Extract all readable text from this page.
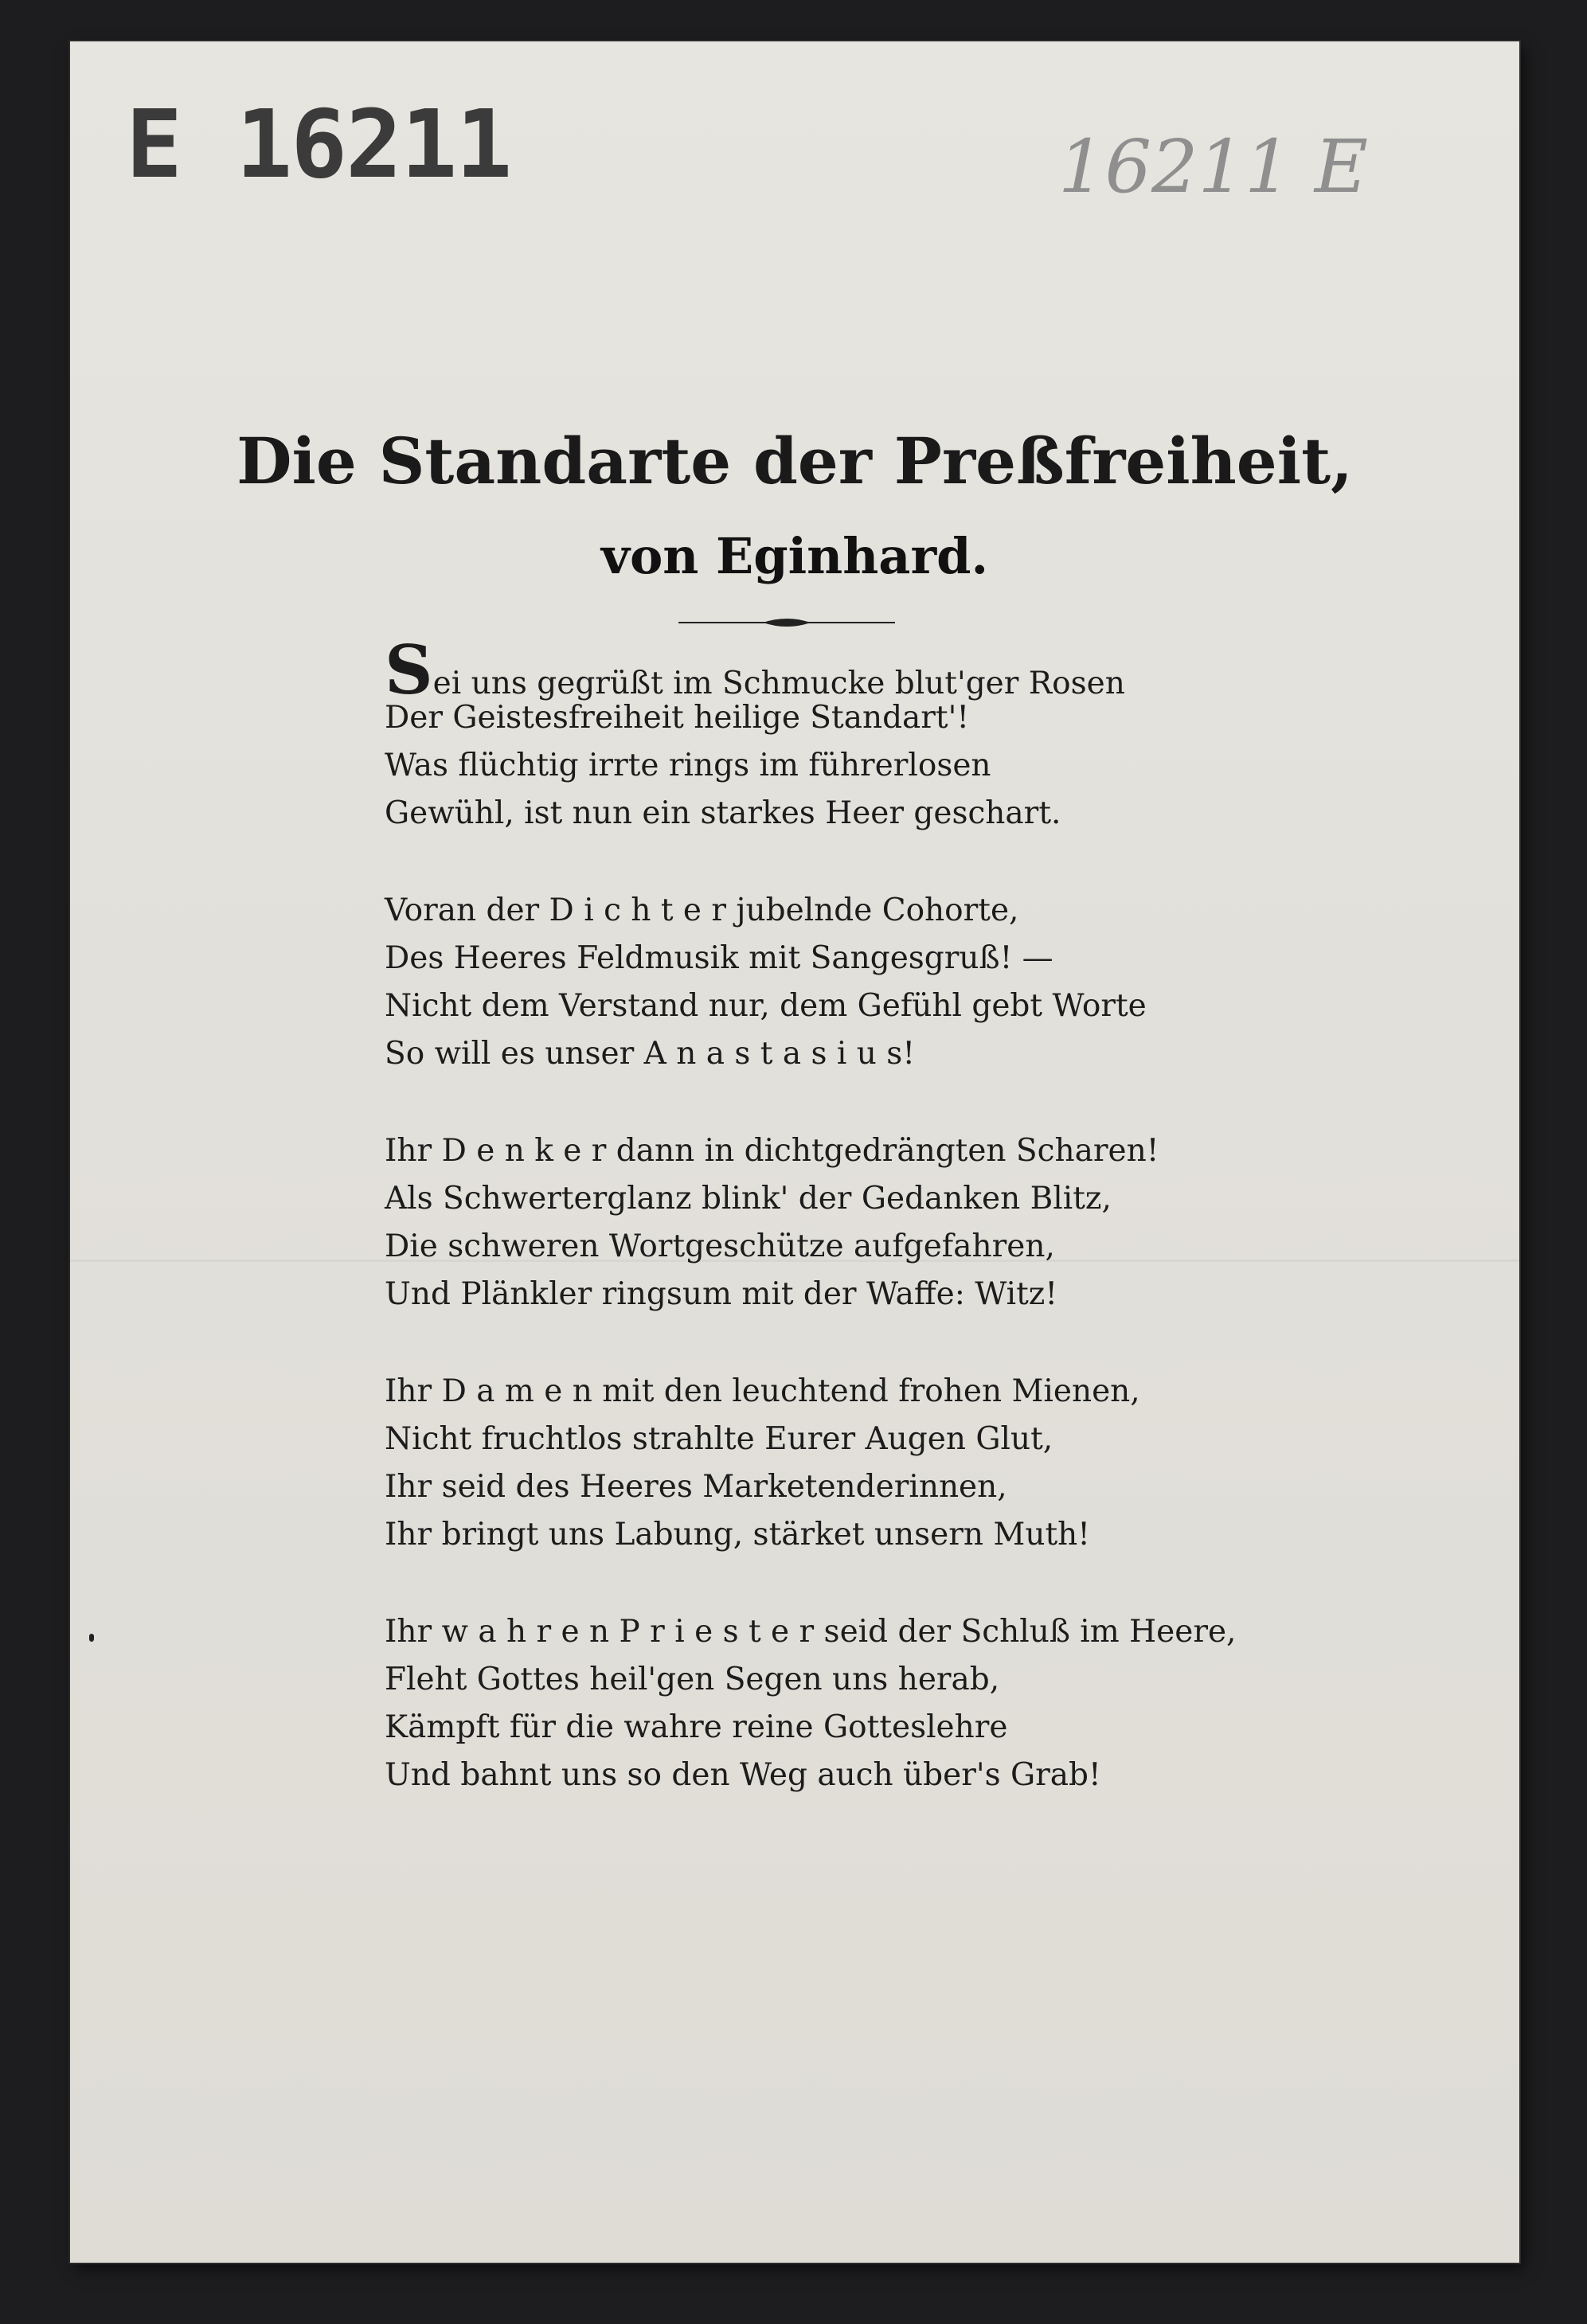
E 16211	16211 E
Die Standarte der Preßfreiheit,
von Eginhard.
Sei uns gegrüßt im Schmucke blut'ger Rosen
Der Geistesfreiheit heilige Standart'!
Was flüchtig irrte rings im führerlosen
Gewühl, ist nun ein starkes Heer geschart.
Voran der D i c h t e r jubelnde Cohorte,
Des Heeres Feldmusik mit Sangesgruß! —
Nicht dem Verstand nur, dem Gefühl gebt Worte
So will es unser A n a s t a s i u s!
Ihr D e n k e r dann in dichtgedrängten Scharen!
Als Schwerterglanz blink' der Gedanken Blitz,
Die schweren Wortgeschütze aufgefahren,
Und Plänkler ringsum mit der Waffe: Witz!
Ihr D a m e n mit den leuchtend frohen Mienen,
Nicht fruchtlos strahlte Eurer Augen Glut,
Ihr seid des Heeres Marketenderinnen,
Ihr bringt uns Labung, stärket unsern Muth!
Ihr w a h r e n P r i e s t e r seid der Schluß im Heere,
Fleht Gottes heil'gen Segen uns herab,
Kämpft für die wahre reine Gotteslehre
Und bahnt uns so den Weg auch über's Grab!
